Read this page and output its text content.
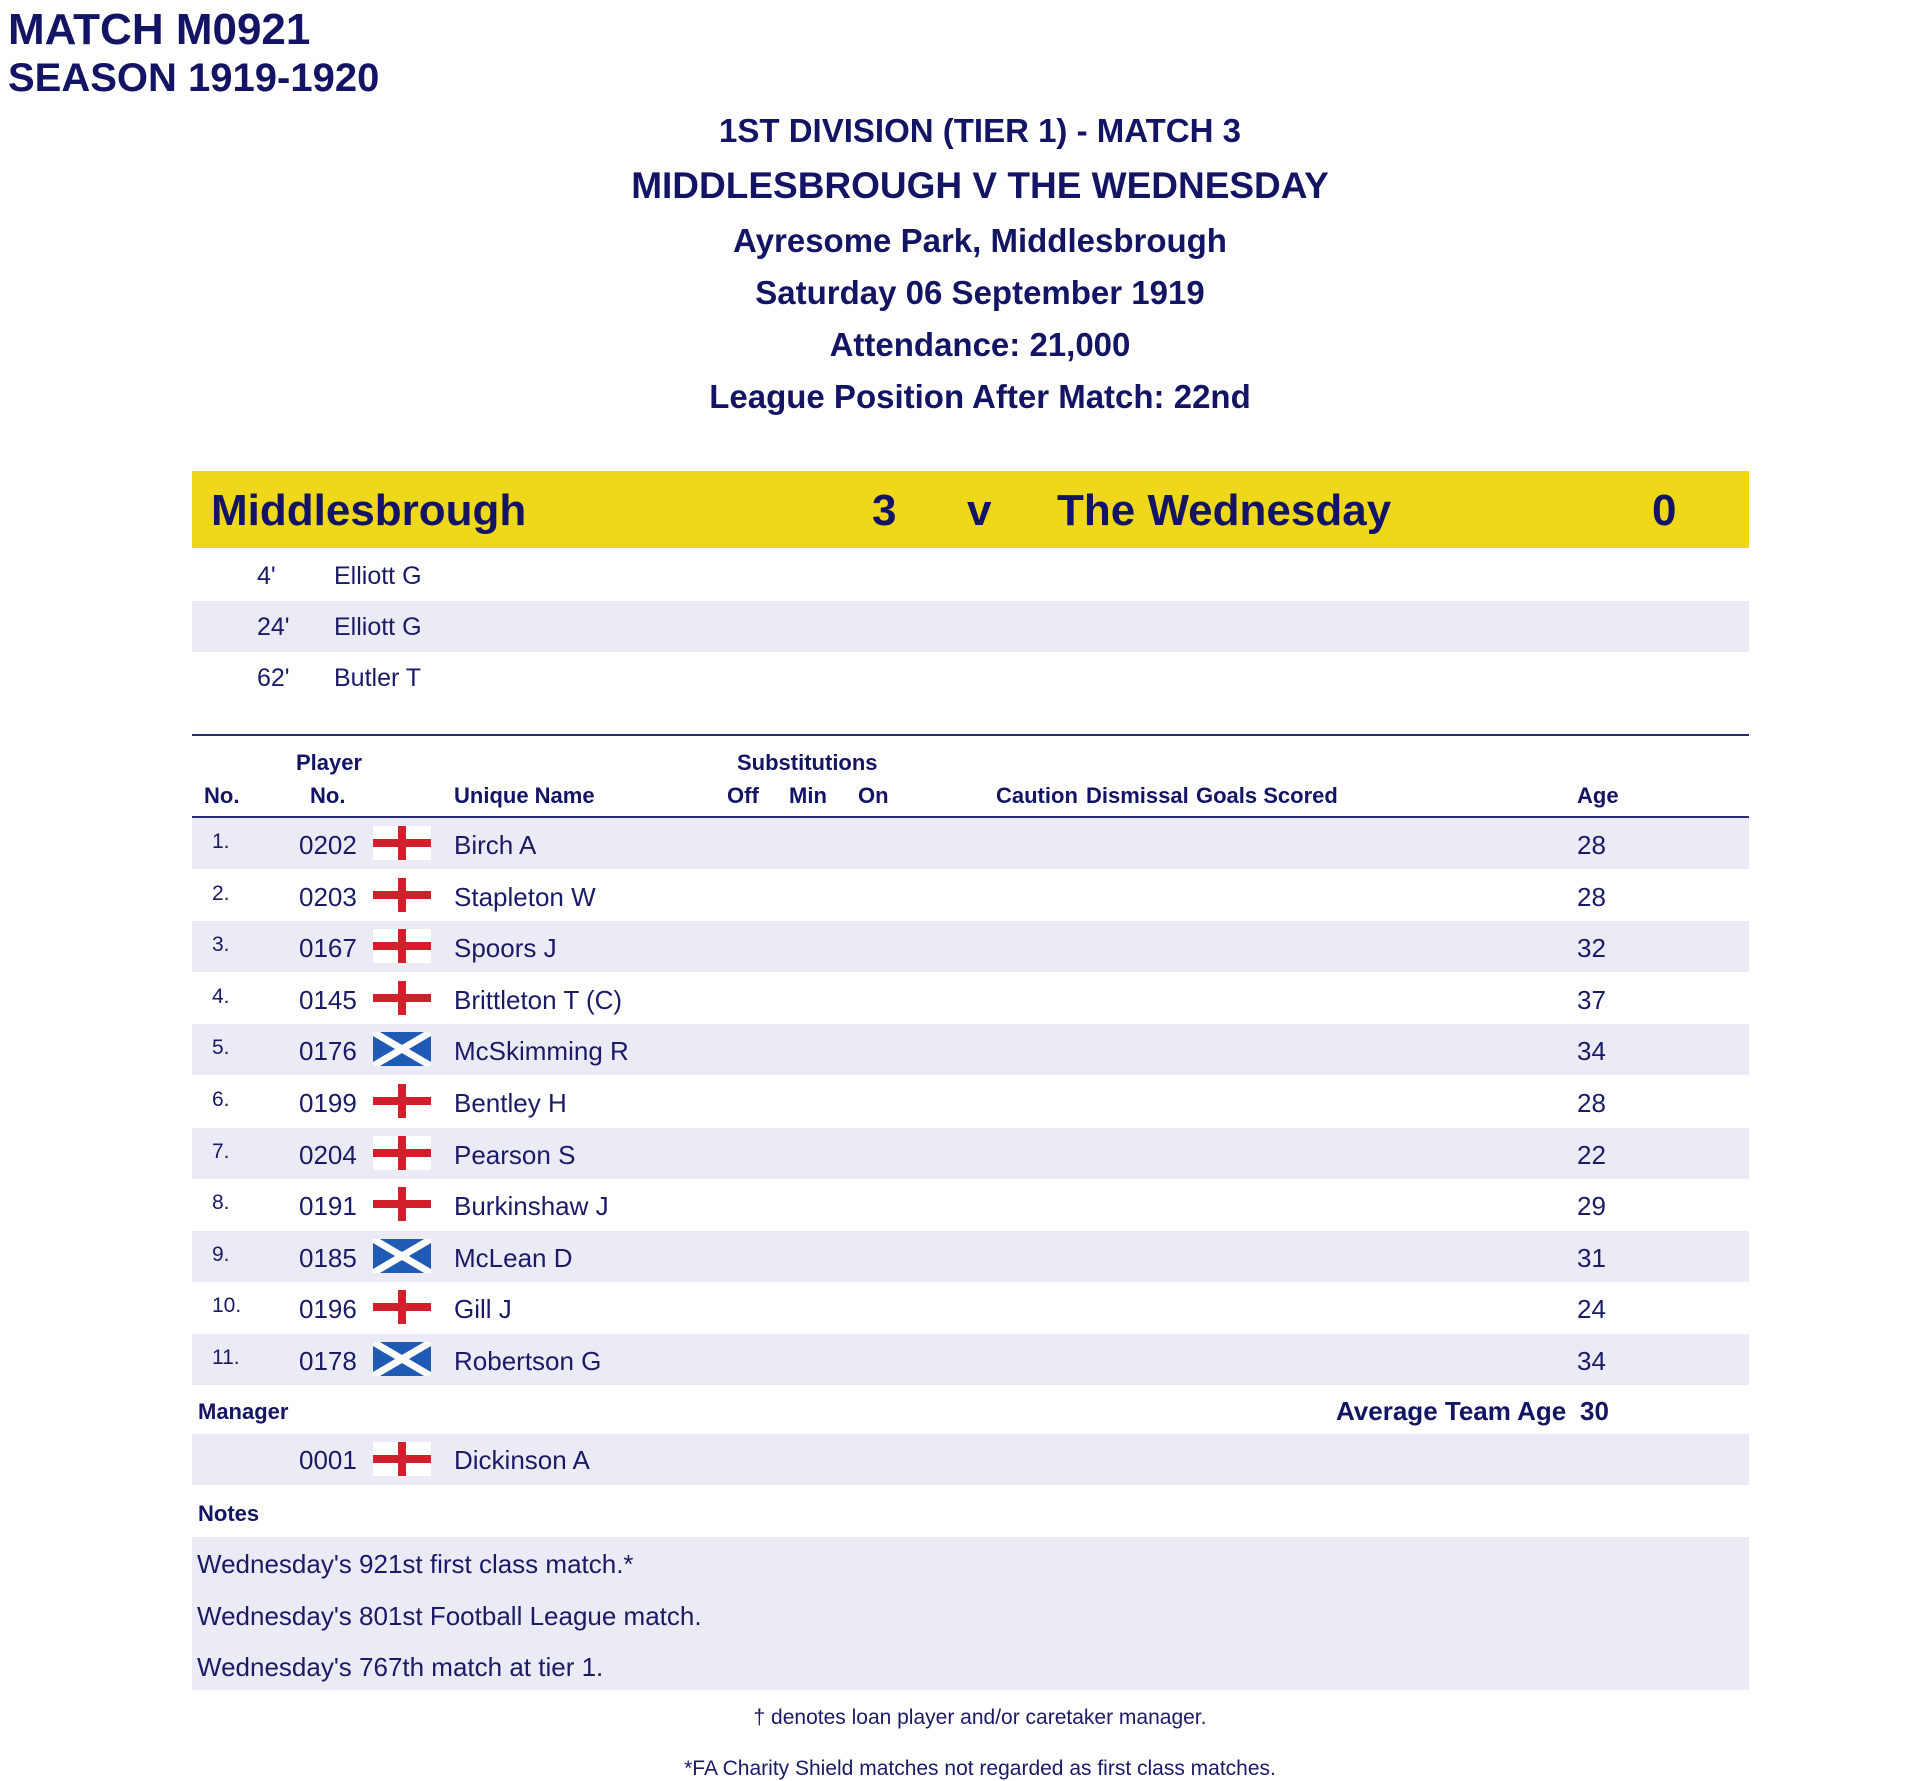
MATCH M0921
SEASON 1919-1920
1ST DIVISION (TIER 1) - MATCH 3
MIDDLESBROUGH V THE WEDNESDAY
Ayresome Park, Middlesbrough
Saturday 06 September 1919
Attendance: 21,000
League Position After Match: 22nd
Middlesbrough	3 v The Wednesday	0
4' Elliott G
24' Elliott G
62' Butler T
No.
Player
No.	Unique Name
Substitutions
Off Min On	Caution Dismissal Goals Scored	Age
1.	0202	Birch A	28
2.	0203	Stapleton W	28
3.	0167	Spoors J	32
4.	0145	Brittleton T (C)	37
5.	0176	McSkimming R	34
6.	0199	Bentley H	28
7.	0204	Pearson S	22
8.	0191	Burkinshaw J	29
9.	0185	McLean D	31
10. 0196	Gill J	24
11. 0178	Robertson G	34
Manager	Average Team Age 30
0001	Dickinson A
Notes
Wednesday's 921st first class match.*
Wednesday's 801st Football League match.
Wednesday's 767th match at tier 1.
† denotes loan player and/or caretaker manager.
*FA Charity Shield matches not regarded as first class matches.
